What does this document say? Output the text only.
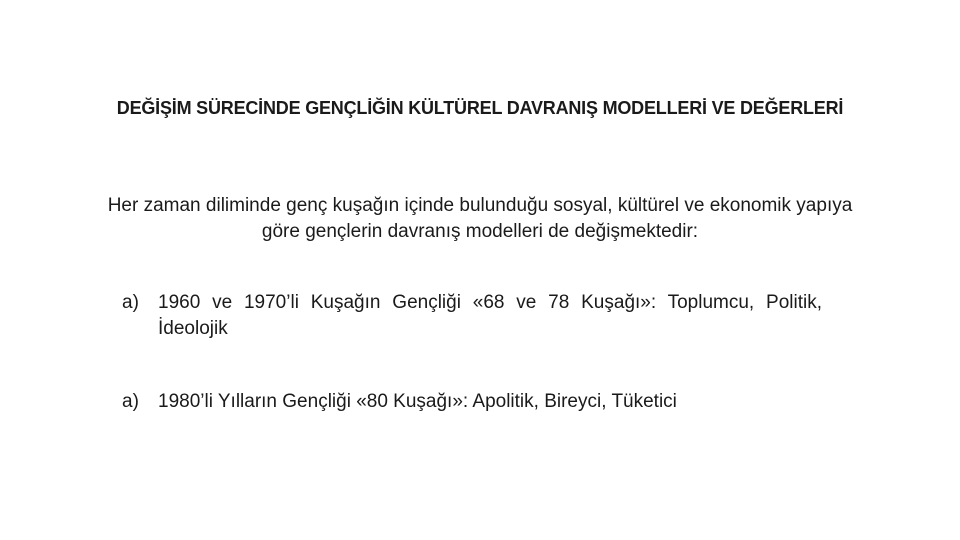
DEĞİŞİM SÜRECİNDE GENÇLİĞİN KÜLTÜREL DAVRANIŞ MODELLERİ VE DEĞERLERİ
Her zaman diliminde genç kuşağın içinde bulunduğu sosyal, kültürel ve ekonomik yapıya göre gençlerin davranış modelleri de değişmektedir:
a)	1960 ve 1970’li Kuşağın Gençliği «68 ve 78 Kuşağı»: Toplumcu, Politik, İdeolojik
a)	1980’li Yılların Gençliği «80 Kuşağı»: Apolitik, Bireyci, Tüketici
